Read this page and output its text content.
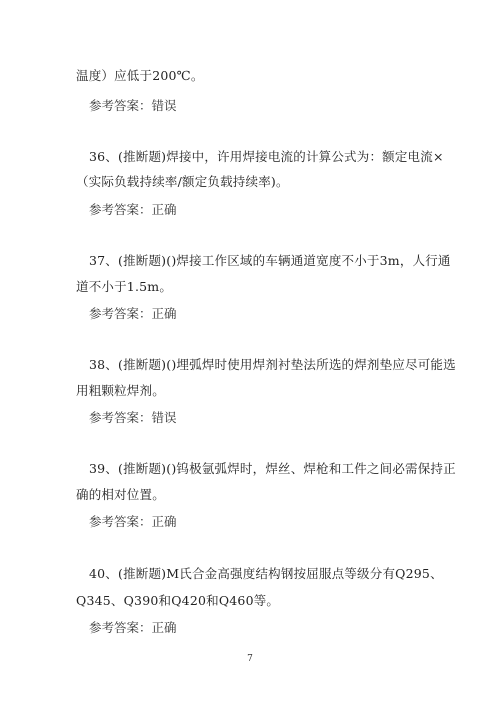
温度）应低于200℃。
参考答案：错误
36、(推断题)焊接中，许用焊接电流的计算公式为：额定电流×
（实际负载持续率/额定负载持续率)。
参考答案：正确
37、(推断题)()焊接工作区域的车辆通道宽度不小于3m，人行通
道不小于1.5m。
参考答案：正确
38、(推断题)()埋弧焊时使用焊剂衬垫法所选的焊剂垫应尽可能选
用粗颗粒焊剂。
参考答案：错误
39、(推断题)()钨极氩弧焊时，焊丝、焊枪和工件之间必需保持正
确的相对位置。
参考答案：正确
40、(推断题)M氏合金高强度结构钢按屈服点等级分有Q295、
Q345、Q390和Q420和Q460等。
参考答案：正确
7
